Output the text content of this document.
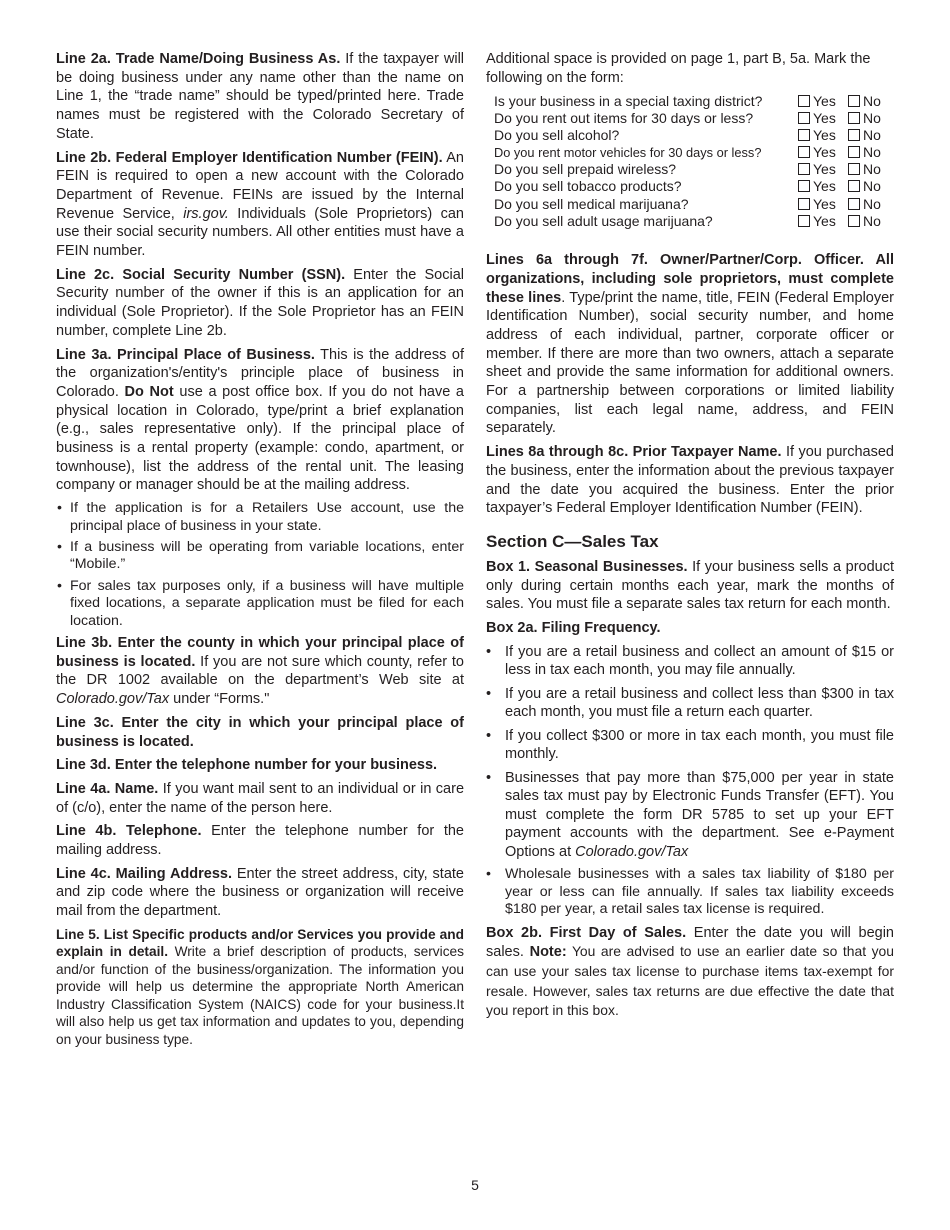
Line 2a. Trade Name/Doing Business As. If the taxpayer will be doing business under any name other than the name on Line 1, the “trade name” should be typed/printed here. Trade names must be registered with the Colorado Secretary of State.

Line 2b. Federal Employer Identification Number (FEIN). An FEIN is required to open a new account with the Colorado Department of Revenue. FEINs are issued by the Internal Revenue Service, irs.gov. Individuals (Sole Proprietors) can use their social security numbers. All other entities must have a FEIN number.

Line 2c. Social Security Number (SSN). Enter the Social Security number of the owner if this is an application for an individual (Sole Proprietor). If the Sole Proprietor has an FEIN number, complete Line 2b.

Line 3a. Principal Place of Business. This is the address of the organization's/entity's principle place of business in Colorado. Do Not use a post office box. If you do not have a physical location in Colorado, type/print a brief explanation (e.g., sales representative only). If the principal place of business is a rental property (example: condo, apartment, or townhouse), list the address of the rental unit. The leasing company or manager should be at the mailing address.

• If the application is for a Retailers Use account, use the principal place of business in your state.
• If a business will be operating from variable locations, enter “Mobile.”
• For sales tax purposes only, if a business will have multiple fixed locations, a separate application must be filed for each location.

Line 3b. Enter the county in which your principal place of business is located. If you are not sure which county, refer to the DR 1002 available on the department’s Web site at Colorado.gov/Tax under “Forms."

Line 3c. Enter the city in which your principal place of business is located.

Line 3d. Enter the telephone number for your business.

Line 4a. Name. If you want mail sent to an individual or in care of (c/o), enter the name of the person here.

Line 4b. Telephone. Enter the telephone number for the mailing address.

Line 4c. Mailing Address. Enter the street address, city, state and zip code where the business or organization will receive mail from the department.

Line 5. List Specific products and/or Services you provide and explain in detail. Write a brief description of products, services and/or function of the business/organization. The information you provide will help us determine the appropriate North American Industry Classification System (NAICS) code for your business.It will also help us get tax information and updates to you, depending on your business type.

Additional space is provided on page 1, part B, 5a. Mark the following on the form:

Is your business in a special taxing district?	Yes No
Do you rent out items for 30 days or less?	Yes No
Do you sell alcohol?	Yes No
Do you rent motor vehicles for 30 days or less?	Yes No
Do you sell prepaid wireless?	Yes No
Do you sell tobacco products?	Yes No
Do you sell medical marijuana?	Yes No
Do you sell adult usage marijuana?	Yes No

Lines 6a through 7f. Owner/Partner/Corp. Officer. All organizations, including sole proprietors, must complete these lines. Type/print the name, title, FEIN (Federal Employer Identification Number), social security number, and home address of each individual, partner, corporate officer or member. If there are more than two owners, attach a separate sheet and provide the same information for additional owners. For a partnership between corporations or limited liability companies, list each legal name, address, and FEIN separately.

Lines 8a through 8c. Prior Taxpayer Name. If you purchased the business, enter the information about the previous taxpayer and the date you acquired the business. Enter the prior taxpayer’s Federal Employer Identification Number (FEIN).

Section C—Sales Tax

Box 1. Seasonal Businesses. If your business sells a product only during certain months each year, mark the months of sales. You must file a separate sales tax return for each month.

Box 2a. Filing Frequency.

• If you are a retail business and collect an amount of $15 or less in tax each month, you may file annually.
• If you are a retail business and collect less than $300 in tax each month, you must file a return each quarter.
• If you collect $300 or more in tax each month, you must file monthly.
• Businesses that pay more than $75,000 per year in state sales tax must pay by Electronic Funds Transfer (EFT). You must complete the form DR 5785 to set up your EFT payment accounts with the department. See e-Payment Options at Colorado.gov/Tax
• Wholesale businesses with a sales tax liability of $180 per year or less can file annually. If sales tax liability exceeds $180 per year, a retail sales tax license is required.

Box 2b. First Day of Sales. Enter the date you will begin sales. Note: You are advised to use an earlier date so that you can use your sales tax license to purchase items tax-exempt for resale. However, sales tax returns are due effective the date that you report in this box.

5
